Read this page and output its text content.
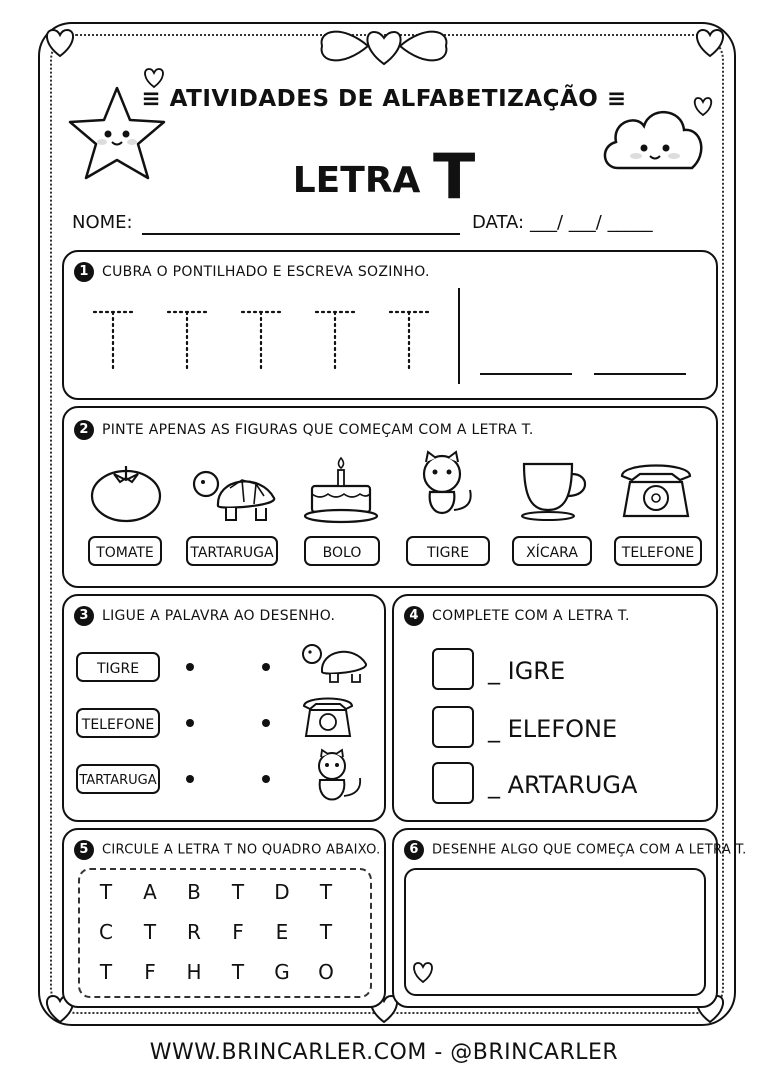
≡ ATIVIDADES DE ALFABETIZAÇÃO ≡
LETRA T
NOME:	DATA: ___/ ___/ _____
1 CUBRA O PONTILHADO E ESCREVA SOZINHO.
2 PINTE APENAS AS FIGURAS QUE COMEÇAM COM A LETRA T.
TOMATE	TARTARUGA	BOLO	TIGRE	XÍCARA	TELEFONE
3 LIGUE A PALAVRA AO DESENHO.
TIGRE
TELEFONE
TARTARUGA
4 COMPLETE COM A LETRA T.
_ IGRE
_ ELEFONE
_ ARTARUGA
5 CIRCULE A LETRA T NO QUADRO ABAIXO.
T	A	B	T	D	T
C	T	R	F	E	T
T	F	H	T	G	O
6 DESENHE ALGO QUE COMEÇA COM A LETRA T.
WWW.BRINCARLER.COM - @BRINCARLER
